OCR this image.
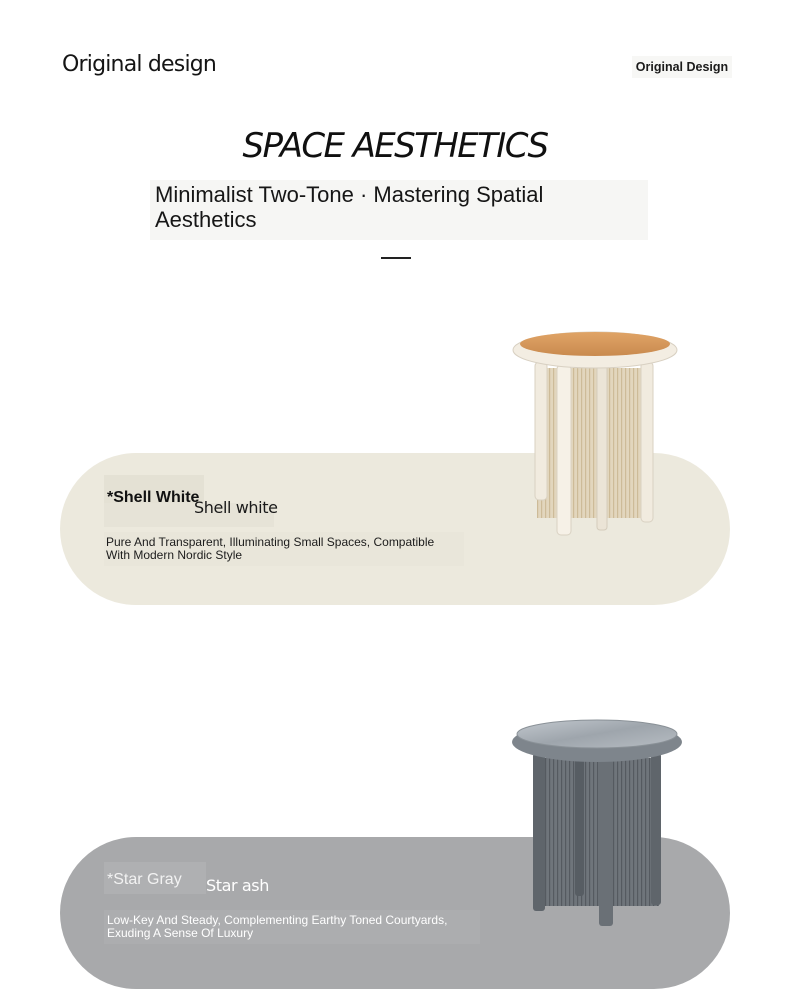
Original design	Original Design
SPACE AESTHETICS
Minimalist Two-Tone · Mastering Spatial Aesthetics
*Shell White
Shell white
Pure And Transparent, Illuminating Small Spaces, Compatible With Modern Nordic Style
*Star Gray Star ash
Low-Key And Steady, Complementing Earthy Toned Courtyards, Exuding A Sense Of Luxury
